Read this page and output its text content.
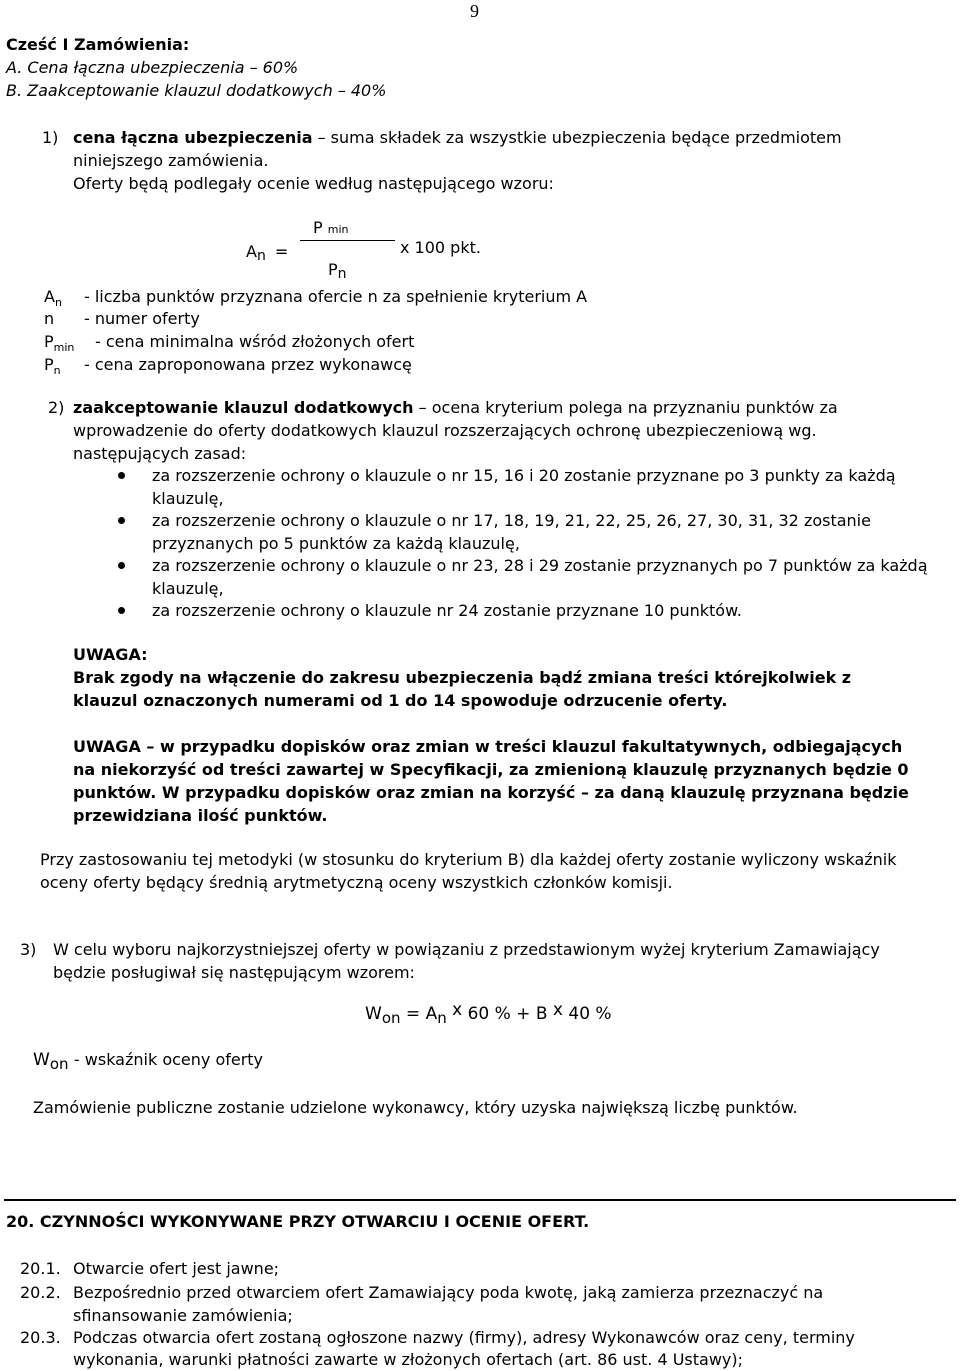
9
Cześć I Zamówienia:
A. Cena łączna ubezpieczenia – 60%
B. Zaakceptowanie klauzul dodatkowych – 40%
1) cena łączna ubezpieczenia – suma składek za wszystkie ubezpieczenia będące przedmiotem
niniejszego zamówienia.
Oferty będą podlegały ocenie według następującego wzoru:
P min
An =	x 100 pkt.
Pn
$A_n$ - liczba punktów przyznana ofercie n za spełnienie kryterium A
n - numer oferty
$P_{min}$ - cena minimalna wśród złożonych ofert
$P_n$ - cena zaproponowana przez wykonawcę
2) zaakceptowanie klauzul dodatkowych – ocena kryterium polega na przyznaniu punktów za
wprowadzenie do oferty dodatkowych klauzul rozszerzających ochronę ubezpieczeniową wg.
następujących zasad:
za rozszerzenie ochrony o klauzule o nr 15, 16 i 20 zostanie przyznane po 3 punkty za każdą
klauzulę,
za rozszerzenie ochrony o klauzule o nr 17, 18, 19, 21, 22, 25, 26, 27, 30, 31, 32 zostanie
przyznanych po 5 punktów za każdą klauzulę,
za rozszerzenie ochrony o klauzule o nr 23, 28 i 29 zostanie przyznanych po 7 punktów za każdą
klauzulę,
za rozszerzenie ochrony o klauzule nr 24 zostanie przyznane 10 punktów.
UWAGA:
Brak zgody na włączenie do zakresu ubezpieczenia bądź zmiana treści którejkolwiek z
klauzul oznaczonych numerami od 1 do 14 spowoduje odrzucenie oferty.
UWAGA – w przypadku dopisków oraz zmian w treści klauzul fakultatywnych, odbiegających
na niekorzyść od treści zawartej w Specyfikacji, za zmienioną klauzulę przyznanych będzie 0
punktów. W przypadku dopisków oraz zmian na korzyść – za daną klauzulę przyznana będzie
przewidziana ilość punktów.
Przy zastosowaniu tej metodyki (w stosunku do kryterium B) dla każdej oferty zostanie wyliczony wskaźnik
oceny oferty będący średnią arytmetyczną oceny wszystkich członków komisji.
3) W celu wyboru najkorzystniejszej oferty w powiązaniu z przedstawionym wyżej kryterium Zamawiający
będzie posługiwał się następującym wzorem:
Won = An x 60 % + B x 40 %
Won - wskaźnik oceny oferty
Zamówienie publiczne zostanie udzielone wykonawcy, który uzyska największą liczbę punktów.
20. CZYNNOŚCI WYKONYWANE PRZY OTWARCIU I OCENIE OFERT.
20.1. Otwarcie ofert jest jawne;
20.2. Bezpośrednio przed otwarciem ofert Zamawiający poda kwotę, jaką zamierza przeznaczyć na
sfinansowanie zamówienia;
20.3. Podczas otwarcia ofert zostaną ogłoszone nazwy (firmy), adresy Wykonawców oraz ceny, terminy
wykonania, warunki płatności zawarte w złożonych ofertach (art. 86 ust. 4 Ustawy);
